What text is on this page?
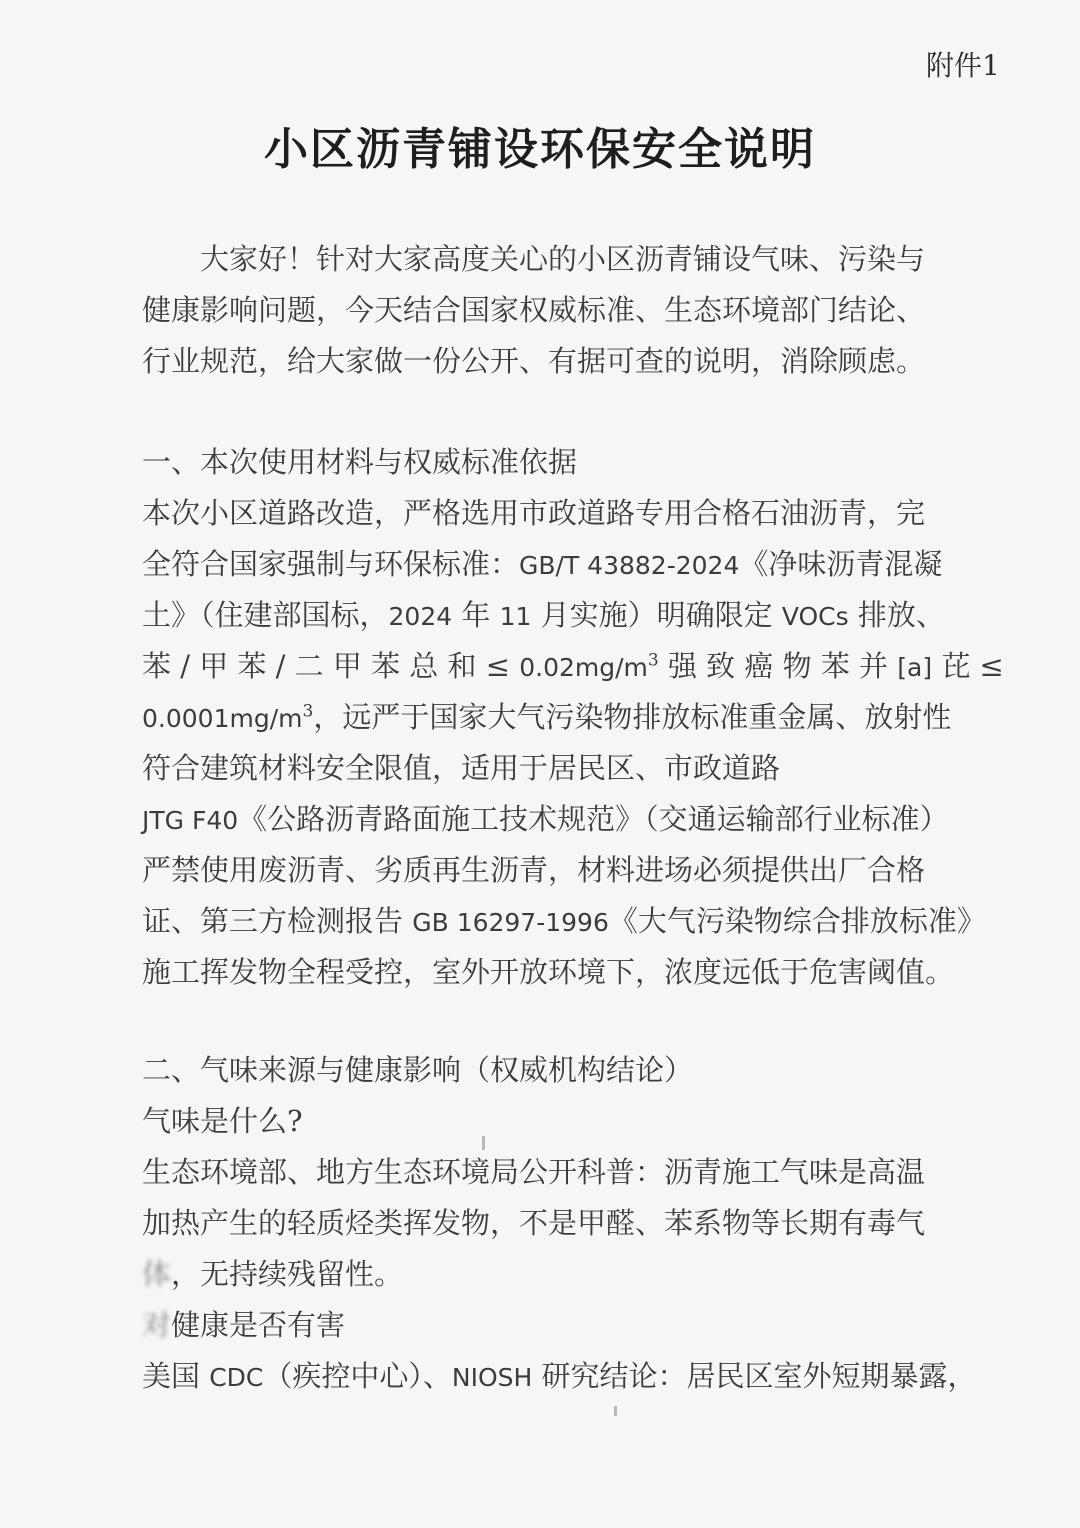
附件1
小区沥青铺设环保安全说明
大家好！针对大家高度关心的小区沥青铺设气味、污染与
健康影响问题，今天结合国家权威标准、生态环境部门结论、
行业规范，给大家做一份公开、有据可查的说明，消除顾虑。
一、本次使用材料与权威标准依据
本次小区道路改造，严格选用市政道路专用合格石油沥青，完
全符合国家强制与环保标准：GB/T 43882-2024《净味沥青混凝
土》（住建部国标，2024 年 11 月实施）明确限定 VOCs 排放、
苯 / 甲 苯 / 二 甲 苯 总 和 ≤ $0.02mg/m^3$ 强 致 癌 物 苯 并 [a] 芘 ≤
$0.0001mg/m^3$，远严于国家大气污染物排放标准重金属、放射性
符合建筑材料安全限值，适用于居民区、市政道路
JTG F40《公路沥青路面施工技术规范》（交通运输部行业标准）
严禁使用废沥青、劣质再生沥青，材料进场必须提供出厂合格
证、第三方检测报告 GB 16297-1996《大气污染物综合排放标准》
施工挥发物全程受控，室外开放环境下，浓度远低于危害阈值。
二、气味来源与健康影响（权威机构结论）
气味是什么?
生态环境部、地方生态环境局公开科普：沥青施工气味是高温
加热产生的轻质烃类挥发物，不是甲醛、苯系物等长期有毒气
体，无持续残留性。
对健康是否有害
美国 CDC（疾控中心）、NIOSH 研究结论：居民区室外短期暴露，
